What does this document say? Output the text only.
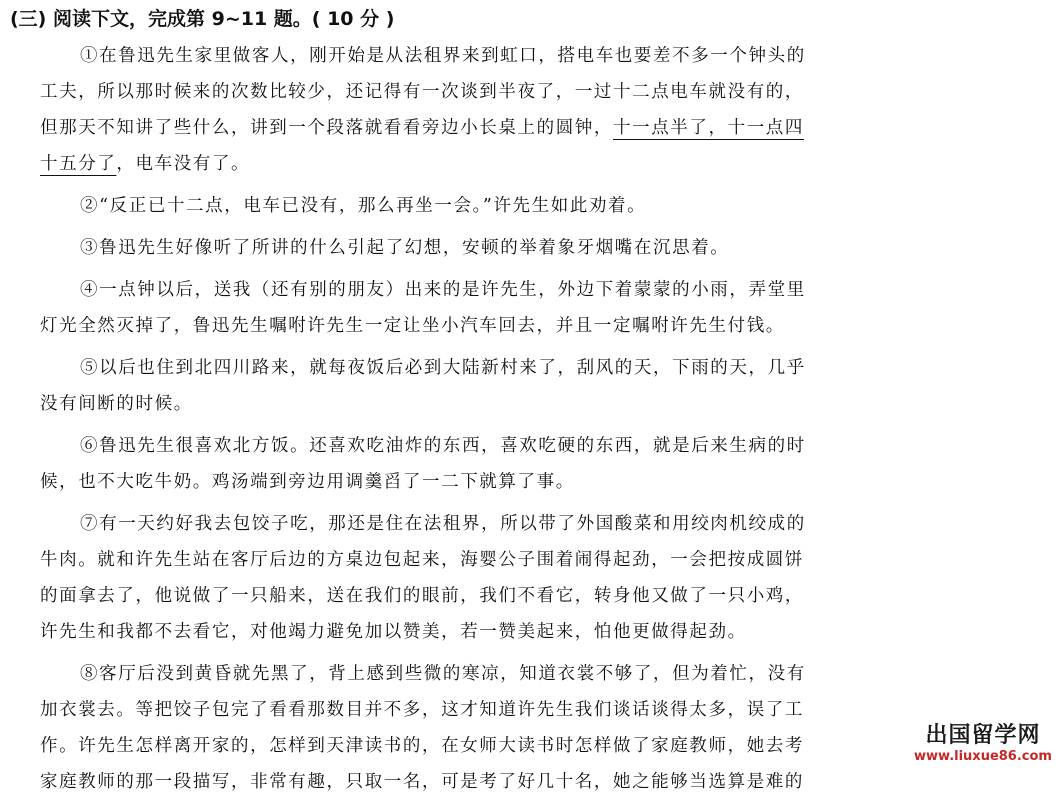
(三) 阅读下文，完成第 9~11 题。( 10 分 )
①在鲁迅先生家里做客人，刚开始是从法租界来到虹口，搭电车也要差不多一个钟头的
工夫，所以那时候来的次数比较少，还记得有一次谈到半夜了，一过十二点电车就没有的，
但那天不知讲了些什么，讲到一个段落就看看旁边小长桌上的圆钟，十一点半了，十一点四
十五分了，电车没有了。
②“反正已十二点，电车已没有，那么再坐一会。”许先生如此劝着。
③鲁迅先生好像听了所讲的什么引起了幻想，安顿的举着象牙烟嘴在沉思着。
④一点钟以后，送我（还有别的朋友）出来的是许先生，外边下着蒙蒙的小雨，弄堂里
灯光全然灭掉了，鲁迅先生嘱咐许先生一定让坐小汽车回去，并且一定嘱咐许先生付钱。
⑤以后也住到北四川路来，就每夜饭后必到大陆新村来了，刮风的天，下雨的天，几乎
没有间断的时候。
⑥鲁迅先生很喜欢北方饭。还喜欢吃油炸的东西，喜欢吃硬的东西，就是后来生病的时
候，也不大吃牛奶。鸡汤端到旁边用调羹舀了一二下就算了事。
⑦有一天约好我去包饺子吃，那还是住在法租界，所以带了外国酸菜和用绞肉机绞成的
牛肉。就和许先生站在客厅后边的方桌边包起来，海婴公子围着闹得起劲，一会把按成圆饼
的面拿去了，他说做了一只船来，送在我们的眼前，我们不看它，转身他又做了一只小鸡，
许先生和我都不去看它，对他竭力避免加以赞美，若一赞美起来，怕他更做得起劲。
⑧客厅后没到黄昏就先黑了，背上感到些微的寒凉，知道衣裳不够了，但为着忙，没有
加衣裳去。等把饺子包完了看看那数目并不多，这才知道许先生我们谈话谈得太多，误了工
作。许先生怎样离开家的，怎样到天津读书的，在女师大读书时怎样做了家庭教师，她去考
家庭教师的那一段描写，非常有趣，只取一名，可是考了好几十名，她之能够当选算是难的
出国留学网
www.liuxue86.com
